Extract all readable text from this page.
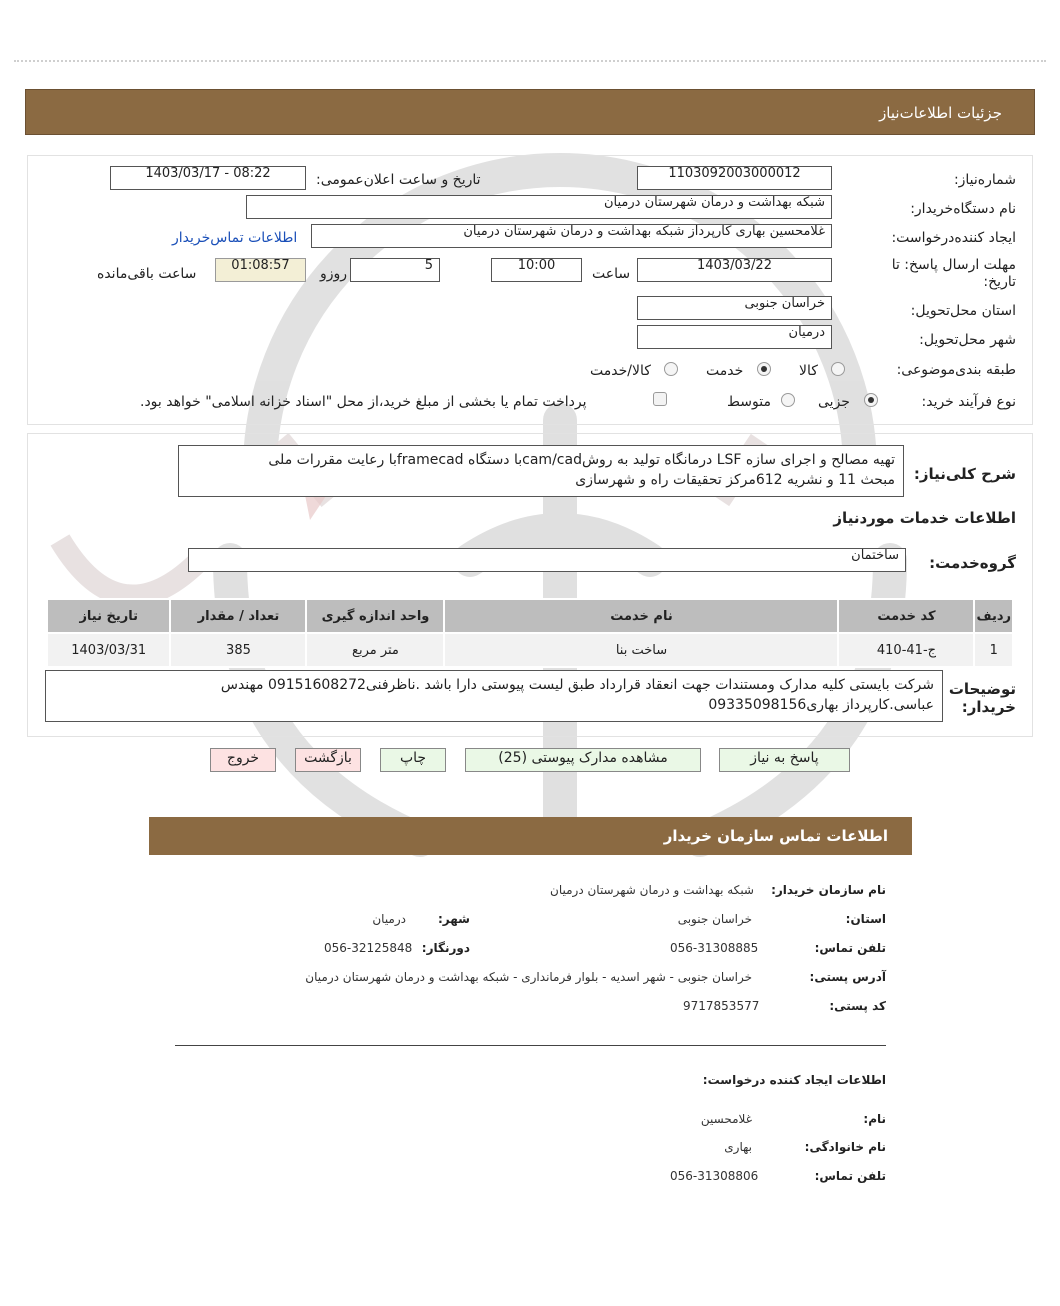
جزئیات اطلاعات‌نیاز
شماره‌نیاز:
1103092003000012
تاریخ و ساعت اعلان‌عمومی:
1403/03/17 - 08:22
نام دستگاه‌خریدار:
شبکه بهداشت و درمان شهرستان درمیان
ایجاد کننده‌درخواست:
غلامحسین بهاری کارپرداز شبکه بهداشت و درمان شهرستان درمیان
اطلاعات تماس‌خریدار
مهلت ارسال پاسخ: تا تاریخ:
1403/03/22
ساعت
10:00
5
روزو
01:08:57
ساعت باقی‌مانده
استان محل‌تحویل:
خراسان جنوبی
شهر محل‌تحویل:
درمیان
طبقه بندی‌موضوعی:
کالا
خدمت
کالا/خدمت
نوع فرآیند خرید:
جزیی
متوسط
پرداخت تمام یا بخشی از مبلغ خرید،از محل "اسناد خزانه اسلامی" خواهد بود.
شرح کلی‌نیاز:
تهیه مصالح و اجرای سازه LSF درمانگاه تولید به روشcam/cadبا دستگاه framecadبا رعایت مقررات ملی
مبحث 11 و نشریه 612مرکز تحقیقات راه و شهرسازی
اطلاعات خدمات موردنیاز
گروه‌خدمت:
ساختمان
ردیف	کد خدمت	نام خدمت	واحد اندازه گیری	تعداد / مقدار	تاریخ نیاز
1	ج-41-410	ساخت بنا	متر مربع	385	1403/03/31
توضیحات خریدار:
شرکت بایستی کلیه مدارک ومستندات جهت انعقاد قرارداد طبق لیست پیوستی دارا باشد .ناظرفنی09151608272 مهندس
عباسی.کارپرداز بهاری09335098156
پاسخ به نیاز
مشاهده مدارک پیوستی (25)
چاپ
بازگشت
خروج
اطلاعات تماس سازمان خریدار
نام سازمان خریدار:
شبکه بهداشت و درمان شهرستان درمیان
استان:
خراسان جنوبی
شهر:
درمیان
تلفن تماس:
056-31308885
دورنگار:
056-32125848
آدرس پستی:
خراسان جنوبی - شهر اسدیه - بلوار فرمانداری - شبکه بهداشت و درمان شهرستان درمیان
کد پستی:
9717853577
اطلاعات ایجاد کننده درخواست:
نام:
غلامحسین
نام خانوادگی:
بهاری
تلفن تماس:
056-31308806
